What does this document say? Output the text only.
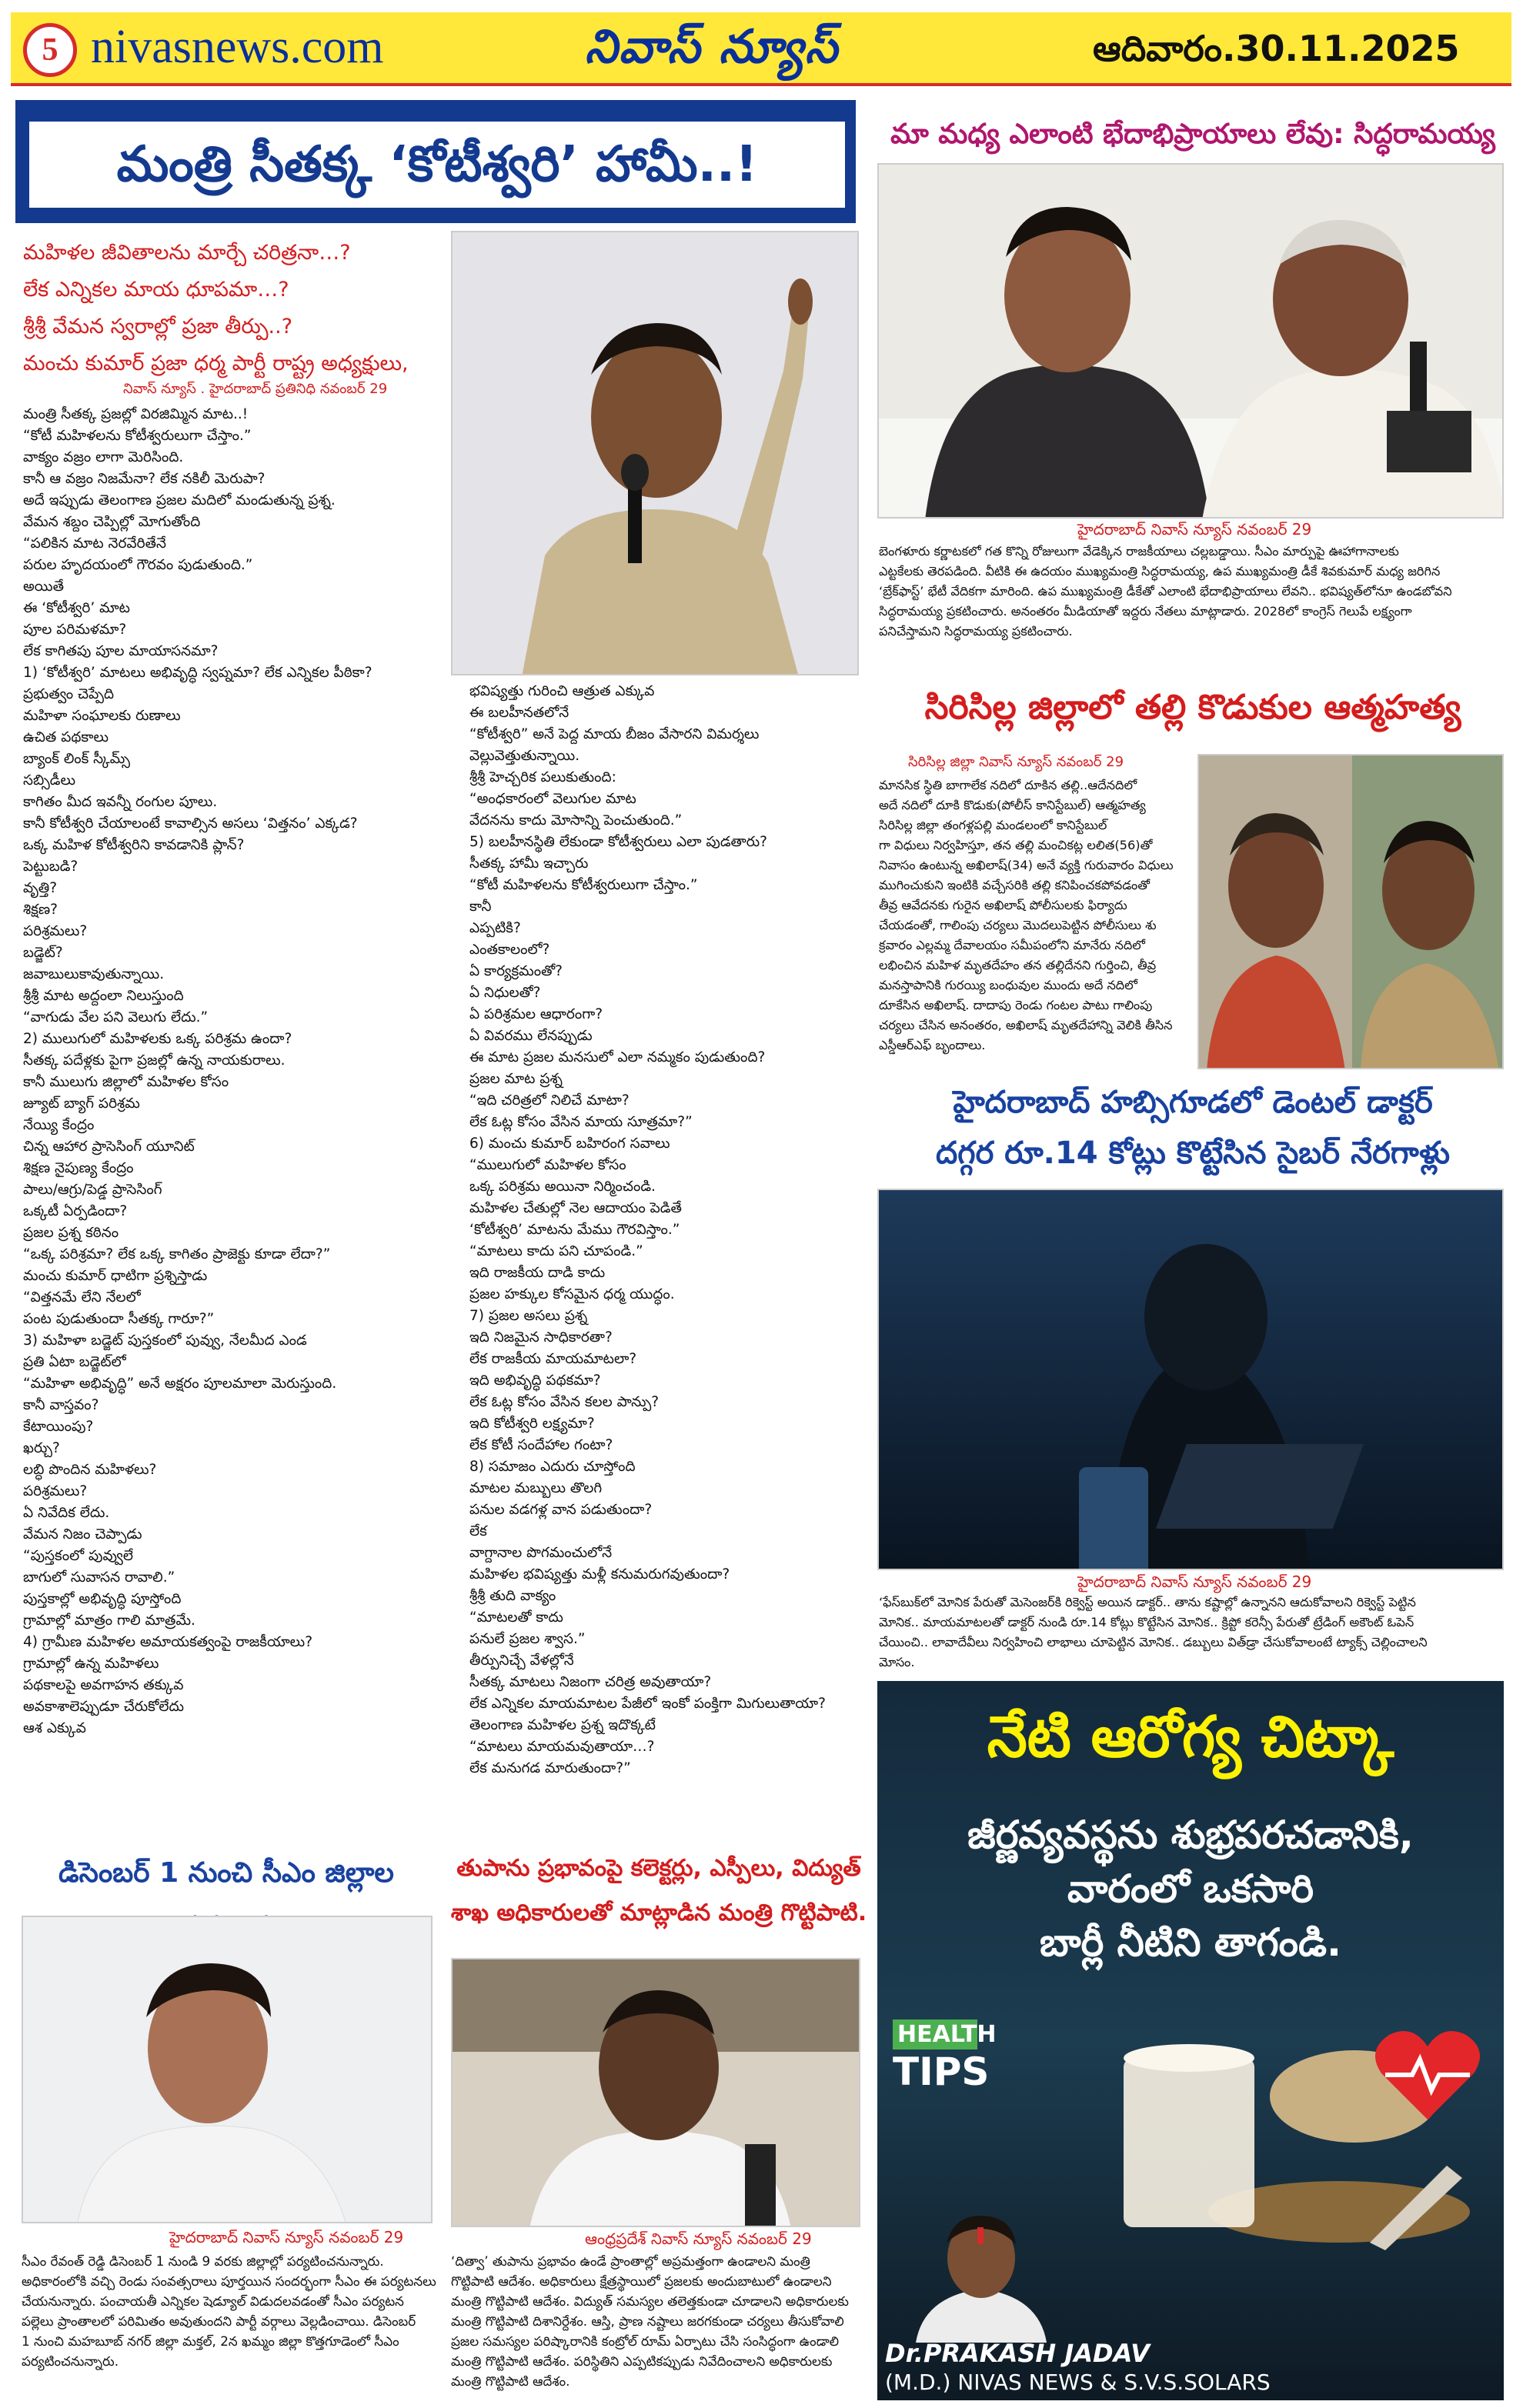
5 nivasnews.com	నివాస్ న్యూస్	ఆదివారం.30.11.2025
మంత్రి సీతక్క ‘కోటీశ్వరి’ హామీ..!
మహిళల జీవితాలను మార్చే చరిత్రనా…?
లేక ఎన్నికల మాయ ధూపమా…?
శ్రీశ్రీ వేమన స్వరాల్లో ప్రజా తీర్పు..?
మంచు కుమార్ ప్రజా ధర్మ పార్టీ రాష్ట్ర అధ్యక్షులు,
నివాస్ న్యూస్ . హైదరాబాద్ ప్రతినిధి నవంబర్ 29
మంత్రి సీతక్క ప్రజల్లో విరజిమ్మిన మాట..!
“కోటీ మహిళలను కోటీశ్వరులుగా చేస్తాం.”
వాక్యం వజ్రం లాగా మెరిసింది.
కానీ ఆ వజ్రం నిజమేనా? లేక నకిలీ మెరుపా?
అదే ఇప్పుడు తెలంగాణ ప్రజల మదిలో మండుతున్న ప్రశ్న.
వేమన శబ్దం చెప్పిల్లో మోగుతోంది
“పలికిన మాట నెరవేరితేనే
పరుల హృదయంలో గౌరవం పుడుతుంది.”
అయితే
ఈ ‘కోటీశ్వరి’ మాట
పూల పరిమళమా?
లేక కాగితపు పూల మాయాసనమా?
1) ‘కోటీశ్వరి’ మాటలు అభివృద్ధి స్వప్నమా? లేక ఎన్నికల పీఠికా?
ప్రభుత్వం చెప్పేది
మహిళా సంఘాలకు రుణాలు
ఉచిత పథకాలు
బ్యాంక్ లింక్ స్కీమ్స్
సబ్సిడీలు
కాగితం మీద ఇవన్నీ రంగుల పూలు.
కానీ కోటీశ్వరి చేయాలంటే కావాల్సిన అసలు ‘విత్తనం’ ఎక్కడ?
ఒక్క మహిళ కోటీశ్వరిని కావడానికి ప్లాన్?
పెట్టుబడి?
వృత్తి?
శిక్షణ?
పరిశ్రమలు?
బడ్జెట్?
జవాబులుకావుతున్నాయి.
శ్రీశ్రీ మాట అద్దంలా నిలుస్తుంది
“వాగుడు వేల పని వెలుగు లేదు.”
2) ములుగులో మహిళలకు ఒక్క పరిశ్రమ ఉందా?
సీతక్క పదేళ్లకు పైగా ప్రజల్లో ఉన్న నాయకురాలు.
కానీ ములుగు జిల్లాలో మహిళల కోసం
జ్యూట్ బ్యాగ్ పరిశ్రమ
నేయ్యి కేంద్రం
చిన్న ఆహార ప్రాసెసింగ్ యూనిట్
శిక్షణ నైపుణ్య కేంద్రం
పాలు/ఆగ్రు/పెడ్డ ప్రాసెసింగ్
ఒక్కటీ ఏర్పడిందా?
ప్రజల ప్రశ్న కఠినం
“ఒక్క పరిశ్రమా? లేక ఒక్క కాగితం ప్రాజెక్టు కూడా లేదా?”
మంచు కుమార్ ధాటిగా ప్రశ్నిస్తాడు
“విత్తనమే లేని నేలలో
పంట పుడుతుందా సీతక్క గారూ?”
3) మహిళా బడ్జెట్ పుస్తకంలో పువ్వు, నేలమీద ఎండ
ప్రతి ఏటా బడ్జెట్‌లో
“మహిళా అభివృద్ధి” అనే అక్షరం పూలమాలా మెరుస్తుంది.
కానీ వాస్తవం?
కేటాయింపు?
ఖర్చు?
లబ్ధి పొందిన మహిళలు?
పరిశ్రమలు?
ఏ నివేదిక లేదు.
వేమన నిజం చెప్పాడు
“పుస్తకంలో పువ్వులే
బాగులో సువాసన రావాలి.”
పుస్తకాల్లో అభివృద్ధి పూస్తోంది
గ్రామాల్లో మాత్రం గాలి మాత్రమే.
4) గ్రామీణ మహిళల అమాయకత్వంపై రాజకీయాలు?
గ్రామాల్లో ఉన్న మహిళలు
పథకాలపై అవగాహన తక్కువ
అవకాశాలెప్పుడూ చేరుకోలేదు
ఆశ ఎక్కువ
భవిష్యత్తు గురించి ఆత్రుత ఎక్కువ
ఈ బలహీనతలోనే
“కోటీశ్వరి” అనే పెద్ద మాయ బీజం వేసారని విమర్శలు వెల్లువెత్తుతున్నాయి.
శ్రీశ్రీ హెచ్చరిక పలుకుతుంది:
“అంధకారంలో వెలుగుల మాట
వేదనను కాదు మోసాన్ని పెంచుతుంది.”
5) బలహీనస్థితి లేకుండా కోటీశ్వరులు ఎలా పుడతారు?
సీతక్క హామీ ఇచ్చారు
“కోటీ మహిళలను కోటీశ్వరులుగా చేస్తాం.”
కానీ
ఎప్పటికి?
ఎంతకాలంలో?
ఏ కార్యక్రమంతో?
ఏ నిధులతో?
ఏ పరిశ్రమల ఆధారంగా?
ఏ వివరము లేనప్పుడు
ఈ మాట ప్రజల మనసులో ఎలా నమ్మకం పుడుతుంది?
ప్రజల మాట ప్రశ్న
“ఇది చరిత్రలో నిలిచే మాటా?
లేక ఓట్ల కోసం వేసిన మాయ సూత్రమా?”
6) మంచు కుమార్ బహిరంగ సవాలు
“ములుగులో మహిళల కోసం
ఒక్క పరిశ్రమ అయినా నిర్మించండి.
మహిళల చేతుల్లో నెల ఆదాయం పెడితే
‘కోటీశ్వరి’ మాటను మేము గౌరవిస్తాం.”
“మాటలు కాదు పని చూపండి.”
ఇది రాజకీయ దాడి కాదు
ప్రజల హక్కుల కోసమైన ధర్మ యుద్ధం.
7) ప్రజల అసలు ప్రశ్న
ఇది నిజమైన సాధికారతా?
లేక రాజకీయ మాయమాటలా?
ఇది అభివృద్ధి పథకమా?
లేక ఓట్ల కోసం వేసిన కలల పాన్పు?
ఇది కోటీశ్వరి లక్ష్యమా?
లేక కోటీ సందేహాల గంటా?
8) సమాజం ఎదురు చూస్తోంది
మాటల మబ్బులు తొలగి
పనుల వడగళ్ల వాన పడుతుందా?
లేక
వాగ్దానాల పొగమంచులోనే
మహిళల భవిష్యత్తు మళ్లీ కనుమరుగవుతుందా?
శ్రీశ్రీ తుది వాక్యం
“మాటలతో కాదు
పనులే ప్రజల శ్వాస.”
తీర్పునిచ్చే వేళల్లోనే
సీతక్క మాటలు నిజంగా చరిత్ర అవుతాయా?
లేక ఎన్నికల మాయమాటల పేజీలో ఇంకో పంక్తిగా మిగులుతాయా?
తెలంగాణ మహిళల ప్రశ్న ఇదొక్కటే
“మాటలు మాయమవుతాయా…?
లేక మనుగడ మారుతుందా?”
డిసెంబర్ 1 నుంచి సీఎం జిల్లాల
హైదరాబాద్ నివాస్ న్యూస్ నవంబర్ 29
సీఎం రేవంత్ రెడ్డి డిసెంబర్ 1 నుండి 9 వరకు జిల్లాల్లో పర్యటించనున్నారు.
అధికారంలోకి వచ్చి రెండు సంవత్సరాలు పూర్తయిన సందర్భంగా సీఎం ఈ పర్యటనలు
చేయనున్నారు. పంచాయతీ ఎన్నికల షెడ్యూల్ విడుదలవడంతో సీఎం పర్యటన
పల్లెలు ప్రాంతాలలో పరిమితం అవుతుందని పార్టీ వర్గాలు వెల్లడించాయి. డిసెంబర్
1 నుంచి మహబూబ్ నగర్ జిల్లా మక్తల్, 2న ఖమ్మం జిల్లా కొత్తగూడెంలో సీఎం
పర్యటించనున్నారు.
తుపాను ప్రభావంపై కలెక్టర్లు, ఎస్పీలు, విద్యుత్
శాఖ అధికారులతో మాట్లాడిన మంత్రి గొట్టిపాటి.
ఆంధ్రప్రదేశ్ నివాస్ న్యూస్ నవంబర్ 29
‘దిత్వా’ తుపాను ప్రభావం ఉండే ప్రాంతాల్లో అప్రమత్తంగా ఉండాలని మంత్రి
గొట్టిపాటి ఆదేశం. అధికారులు క్షేత్రస్థాయిలో ప్రజలకు అందుబాటులో ఉండాలని
మంత్రి గొట్టిపాటి ఆదేశం. విద్యుత్ సమస్యల తలెత్తకుండా చూడాలని అధికారులకు
మంత్రి గొట్టిపాటి దిశానిర్దేశం. ఆస్తి, ప్రాణ నష్టాలు జరగకుండా చర్యలు తీసుకోవాలి
ప్రజల సమస్యల పరిష్కారానికి కంట్రోల్ రూమ్ ఏర్పాటు చేసి సంసిద్ధంగా ఉండాలి
మంత్రి గొట్టిపాటి ఆదేశం. పరిస్థితిని ఎప్పటికప్పుడు నివేదించాలని అధికారులకు
మంత్రి గొట్టిపాటి ఆదేశం.
మా మధ్య ఎలాంటి భేదాభిప్రాయాలు లేవు: సిద్ధరామయ్య
హైదరాబాద్ నివాస్ న్యూస్ నవంబర్ 29
బెంగళూరు కర్ణాటకలో గత కొన్ని రోజులుగా వేడెక్కిన రాజకీయాలు చల్లబడ్డాయి. సీఎం మార్పుపై ఊహాగానాలకు
ఎట్టకేలకు తెరపడింది. వీటికి ఈ ఉదయం ముఖ్యమంత్రి సిద్ధరామయ్య, ఉప ముఖ్యమంత్రి డీకే శివకుమార్ మధ్య జరిగిన
‘బ్రేక్‌ఫాస్ట్’ భేటీ వేదికగా మారింది. ఉప ముఖ్యమంత్రి డీకేతో ఎలాంటి భేదాభిప్రాయాలు లేవని.. భవిష్యత్‌లోనూ ఉండబోవని
సిద్ధరామయ్య ప్రకటించారు. అనంతరం మీడియాతో ఇద్దరు నేతలు మాట్లాడారు. 2028లో కాంగ్రెస్ గెలుపే లక్ష్యంగా
పనిచేస్తామని సిద్ధరామయ్య ప్రకటించారు.
సిరిసిల్ల జిల్లాలో తల్లి కొడుకుల ఆత్మహత్య
సిరిసిల్ల జిల్లా నివాస్ న్యూస్ నవంబర్ 29
మానసిక స్థితి బాగాలేక నదిలో దూకిన తల్లి..ఆదేనదిలో
అదే నదిలో దూకి కొడుకు(పోలీస్ కానిస్టేబుల్) ఆత్మహత్య
సిరిసిల్ల జిల్లా తంగళ్లపల్లి మండలంలో కానిస్టేబుల్
గా విధులు నిర్వహిస్తూ, తన తల్లి మంచికట్ల లలిత(56)తో
నివాసం ఉంటున్న అఖిలాష్(34) అనే వ్యక్తి గురువారం విధులు
ముగించుకుని ఇంటికి వచ్చేసరికి తల్లి కనిపించకపోవడంతో
తీవ్ర ఆవేదనకు గురైన అఖిలాష్ పోలీసులకు ఫిర్యాదు
చేయడంతో, గాలింపు చర్యలు మొదలుపెట్టిన పోలీసులు శు
క్రవారం ఎల్లమ్మ దేవాలయం సమీపంలోని మానేరు నదిలో
లభించిన మహిళ మృతదేహం తన తల్లిదేనని గుర్తించి, తీవ్ర
మనస్తాపానికి గురయ్యి బంధువుల ముందు అదే నదిలో
దూకేసిన అఖిలాష్. దాదాపు రెండు గంటల పాటు గాలింపు
చర్యలు చేసిన అనంతరం, అఖిలాష్ మృతదేహాన్ని వెలికి తీసిన
ఎస్డీఆర్ఎఫ్ బృందాలు.
హైదరాబాద్ హబ్సిగూడలో డెంటల్ డాక్టర్
దగ్గర రూ.14 కోట్లు కొట్టేసిన సైబర్ నేరగాళ్లు
హైదరాబాద్ నివాస్ న్యూస్ నవంబర్ 29
‘ఫేస్‌బుక్‌లో మోనిక పేరుతో మెసెంజర్‌కి రిక్వెస్ట్ అయిన డాక్టర్.. తాను కష్టాల్లో ఉన్నానని ఆదుకోవాలని రిక్వెస్ట్ పెట్టిన
మోనిక.. మాయమాటలతో డాక్టర్ నుండి రూ.14 కోట్లు కొట్టేసిన మోనిక.. క్రిప్టో కరెన్సీ పేరుతో ట్రేడింగ్ అకౌంట్ ఓపెన్
చేయించి.. లావాదేవీలు నిర్వహించి లాభాలు చూపెట్టిన మోనిక.. డబ్బులు విత్‌డ్రా చేసుకోవాలంటే ట్యాక్స్ చెల్లించాలని
మోసం.
నేటి ఆరోగ్య చిట్కా
జీర్ణవ్యవస్థను శుభ్రపరచడానికి,
వారంలో ఒకసారి
బార్లీ నీటిని తాగండి.
HEALTH
TIPS
Dr.PRAKASH JADAV
(M.D.) NIVAS NEWS & S.V.S.SOLARS
